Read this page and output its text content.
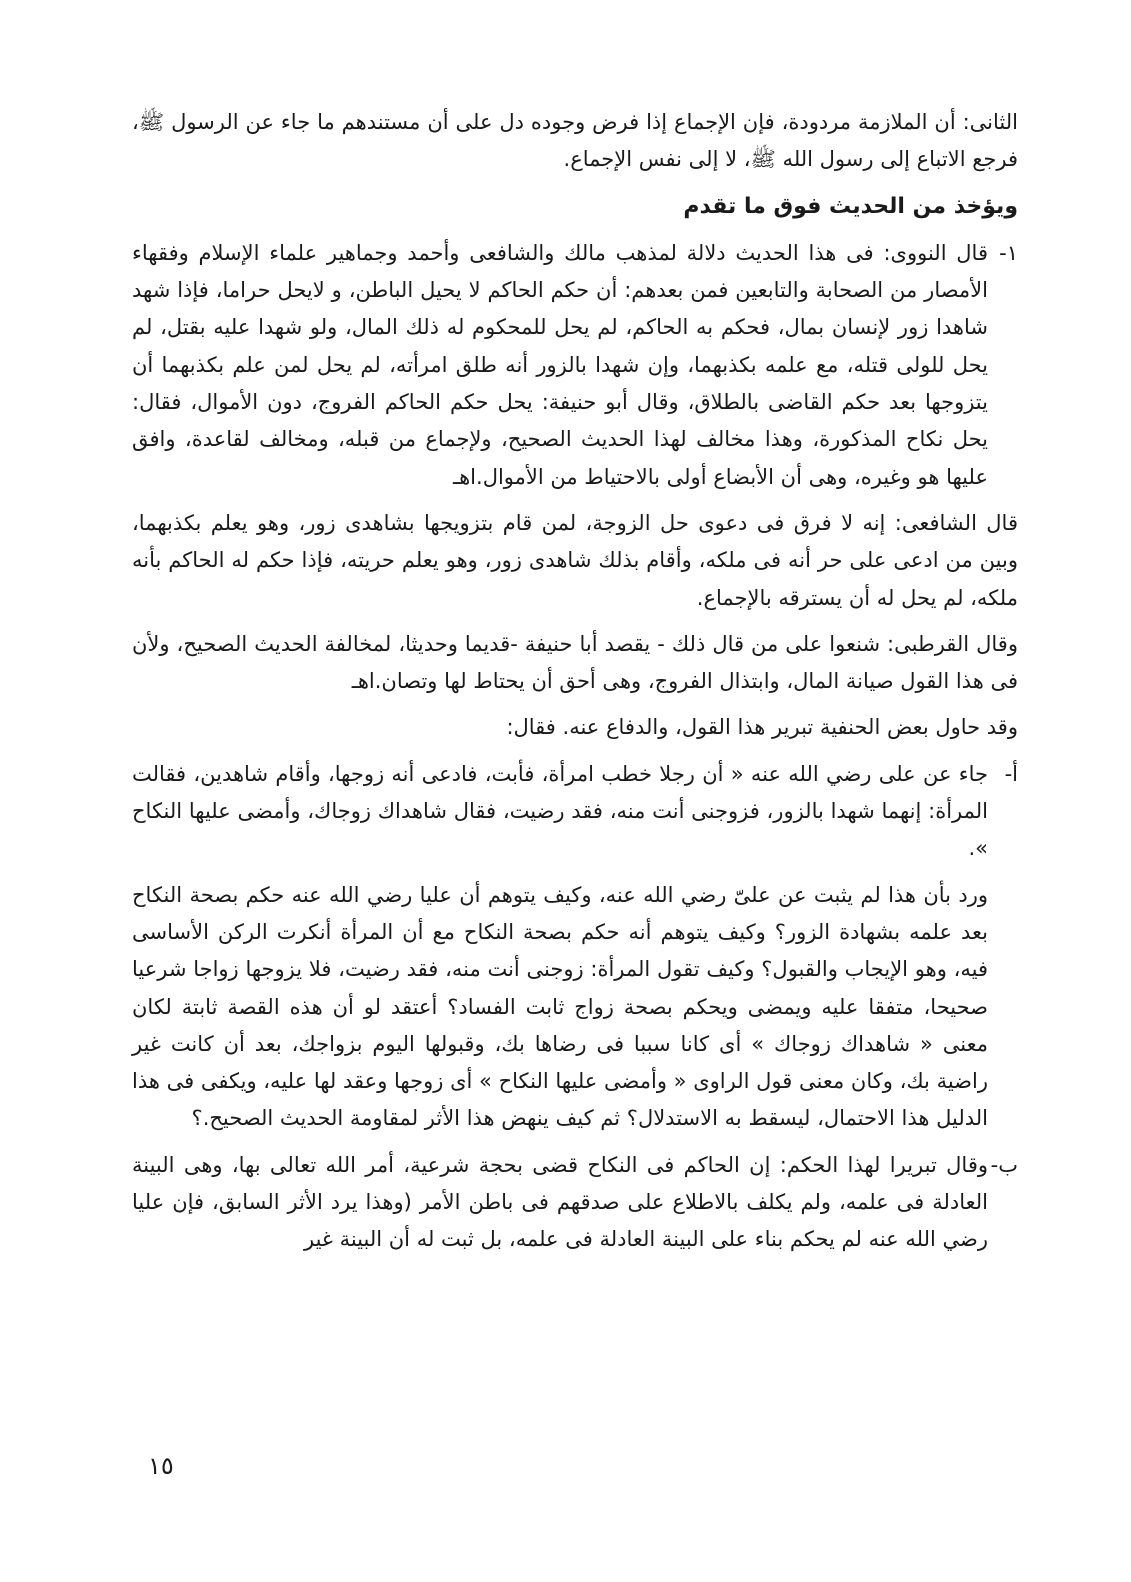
الثانى: أن الملازمة مردودة، فإن الإجماع إذا فرض وجوده دل على أن مستندهم ما جاء عن الرسول ﷺ، فرجع الاتباع إلى رسول الله ﷺ، لا إلى نفس الإجماع.

ويؤخذ من الحديث فوق ما تقدم

١-
قال النووى: فى هذا الحديث دلالة لمذهب مالك والشافعى وأحمد وجماهير علماء الإسلام وفقهاء الأمصار من الصحابة والتابعين فمن بعدهم: أن حكم الحاكم لا يحيل الباطن، و لايحل حراما، فإذا شهد شاهدا زور لإنسان بمال، فحكم به الحاكم، لم يحل للمحكوم له ذلك المال، ولو شهدا عليه بقتل، لم يحل للولى قتله، مع علمه بكذبهما، وإن شهدا بالزور أنه طلق امرأته، لم يحل لمن علم بكذبهما أن يتزوجها بعد حكم القاضى بالطلاق، وقال أبو حنيفة: يحل حكم الحاكم الفروج، دون الأموال، فقال: يحل نكاح المذكورة، وهذا مخالف لهذا الحديث الصحيح، ولإجماع من قبله، ومخالف لقاعدة، وافق عليها هو وغيره، وهى أن الأبضاع أولى بالاحتياط من الأموال.اهـ

قال الشافعى: إنه لا فرق فى دعوى حل الزوجة، لمن قام بتزويجها بشاهدى زور، وهو يعلم بكذبهما، وبين من ادعى على حر أنه فى ملكه، وأقام بذلك شاهدى زور، وهو يعلم حريته، فإذا حكم له الحاكم بأنه ملكه، لم يحل له أن يسترقه بالإجماع.

وقال القرطبى: شنعوا على من قال ذلك - يقصد أبا حنيفة -قديما وحديثا، لمخالفة الحديث الصحيح، ولأن فى هذا القول صيانة المال، وابتذال الفروج، وهى أحق أن يحتاط لها وتصان.اهـ

وقد حاول بعض الحنفية تبرير هذا القول، والدفاع عنه. فقال:

أ-
جاء عن على رضي الله عنه « أن رجلا خطب امرأة، فأبت، فادعى أنه زوجها، وأقام شاهدين، فقالت المرأة: إنهما شهدا بالزور، فزوجنى أنت منه، فقد رضيت، فقال شاهداك زوجاك، وأمضى عليها النكاح ».

ورد بأن هذا لم يثبت عن علىّ رضي الله عنه، وكيف يتوهم أن عليا رضي الله عنه حكم بصحة النكاح بعد علمه بشهادة الزور؟ وكيف يتوهم أنه حكم بصحة النكاح مع أن المرأة أنكرت الركن الأساسى فيه، وهو الإيجاب والقبول؟ وكيف تقول المرأة: زوجنى أنت منه، فقد رضيت، فلا يزوجها زواجا شرعيا صحيحا، متفقا عليه ويمضى ويحكم بصحة زواج ثابت الفساد؟ أعتقد لو أن هذه القصة ثابتة لكان معنى « شاهداك زوجاك » أى كانا سببا فى رضاها بك، وقبولها اليوم بزواجك، بعد أن كانت غير راضية بك، وكان معنى قول الراوى « وأمضى عليها النكاح » أى زوجها وعقد لها عليه، ويكفى فى هذا الدليل هذا الاحتمال، ليسقط به الاستدلال؟ ثم كيف ينهض هذا الأثر لمقاومة الحديث الصحيح.؟

ب-
وقال تبريرا لهذا الحكم: إن الحاكم فى النكاح قضى بحجة شرعية، أمر الله تعالى بها، وهى البينة العادلة فى علمه، ولم يكلف بالاطلاع على صدقهم فى باطن الأمر (وهذا يرد الأثر السابق، فإن عليا رضي الله عنه لم يحكم بناء على البينة العادلة فى علمه، بل ثبت له أن البينة غير
١٥
